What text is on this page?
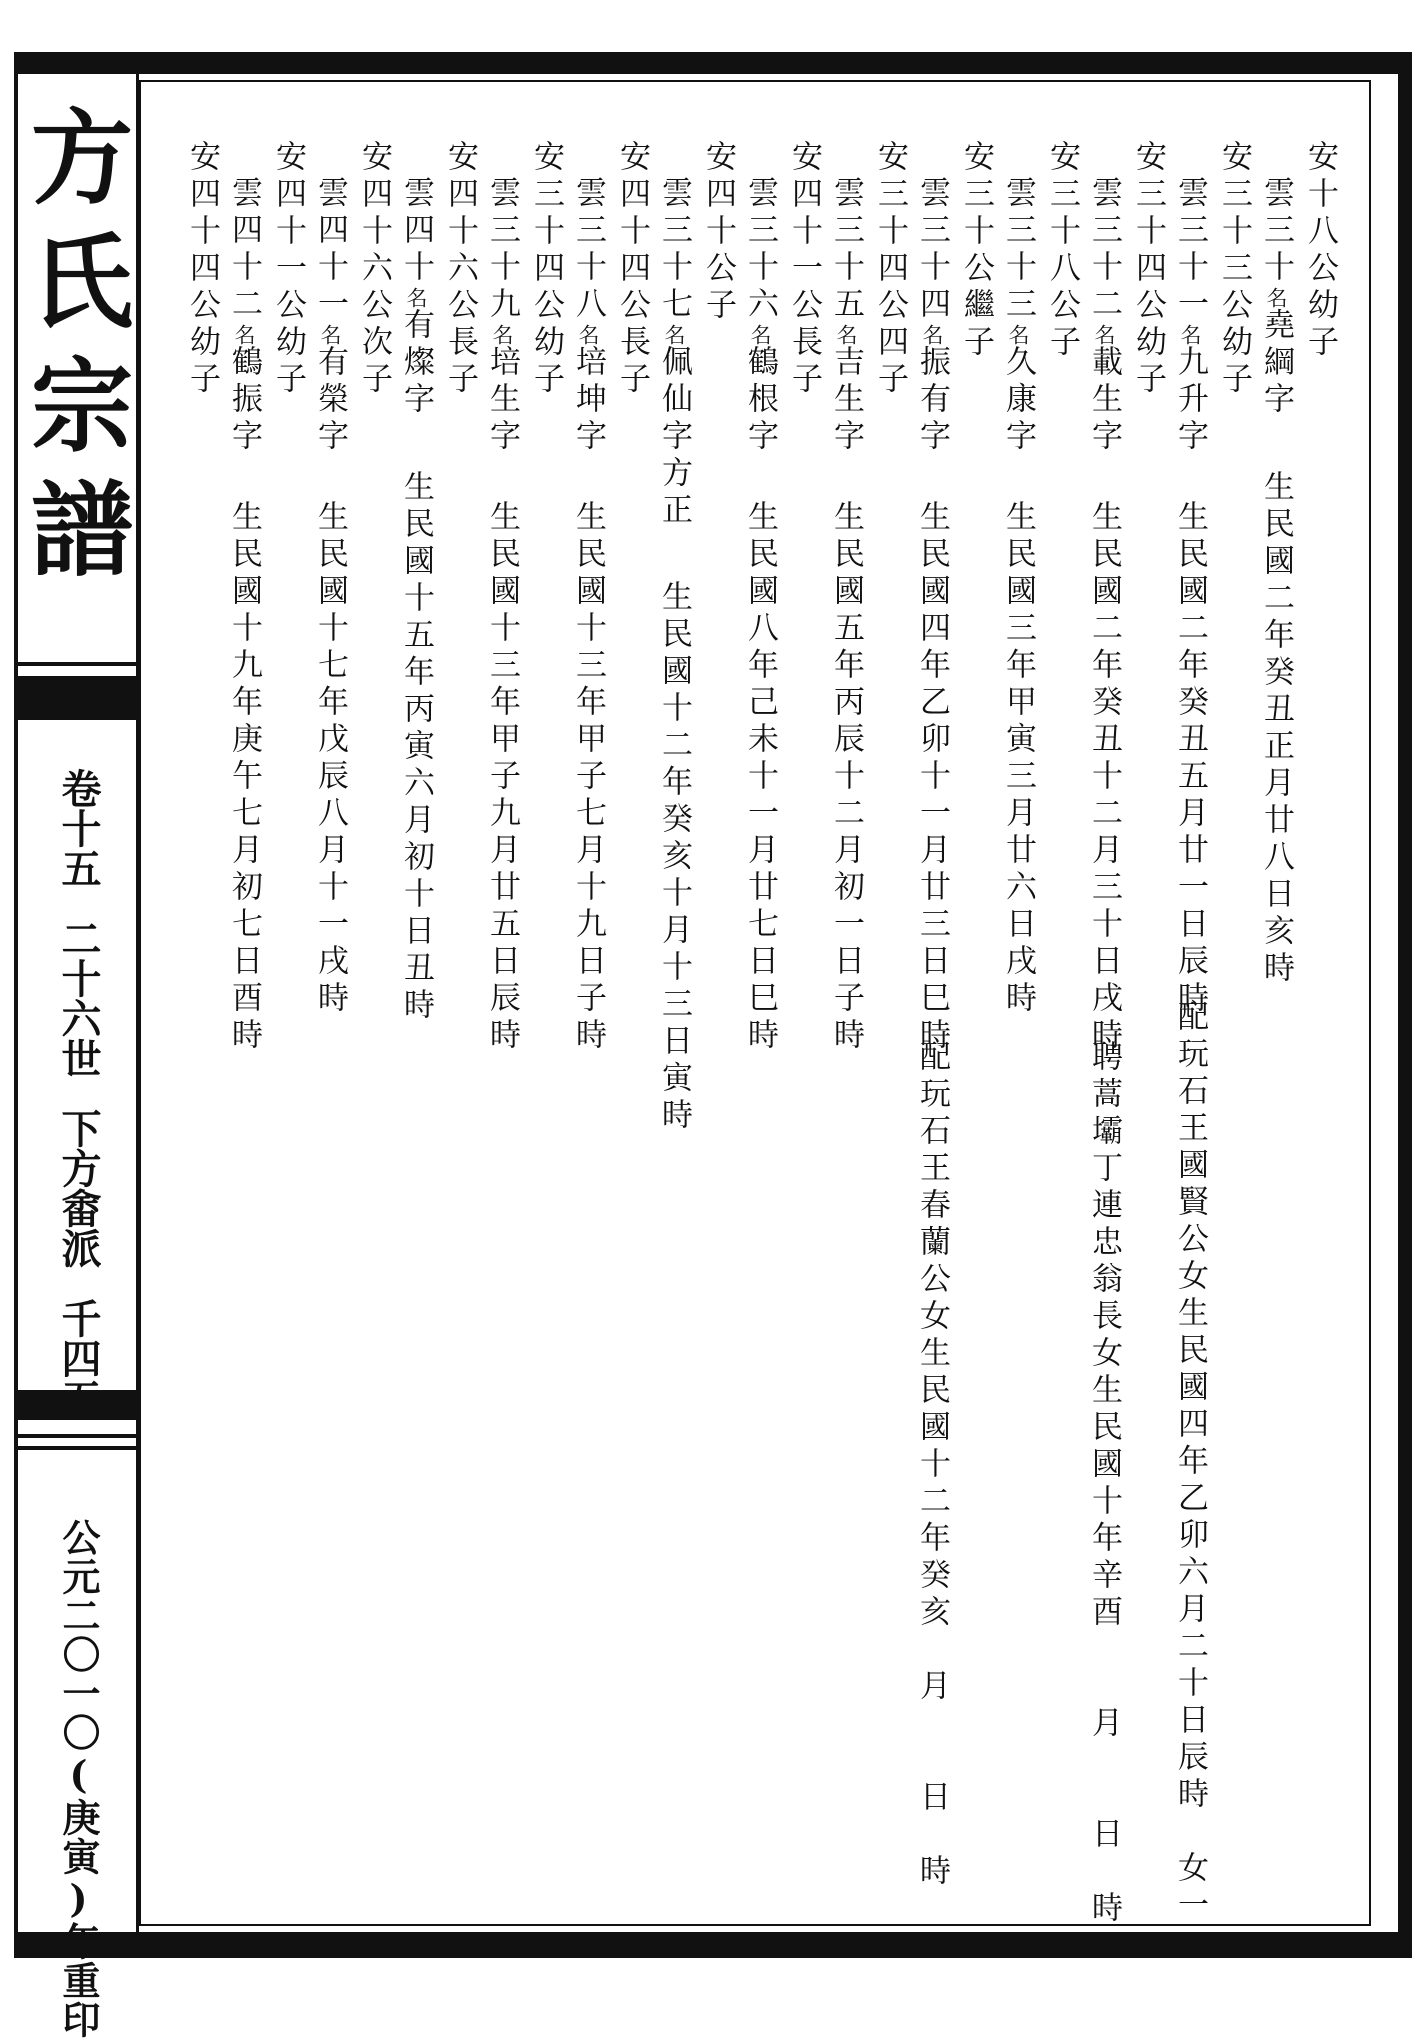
方氏宗譜
卷十五二十六世下方畬派千四五
公元二〇一〇(庚寅)年重印
安十八公幼子
雲三十名堯綱字
生民國二年癸丑正月廿八日亥時
安三十三公幼子
雲三十一名九升字
生民國二年癸丑五月廿一日辰時
配玩石王國賢公女生民國四年乙卯六月二十日辰時　女一
安三十四公幼子
雲三十二名載生字
生民國二年癸丑十二月三十日戌時
聘蒿壩丁連忠翁長女生民國十年辛酉　　月　　日　時
安三十八公子
雲三十三名久康字
生民國三年甲寅三月廿六日戌時
安三十公繼子
雲三十四名振有字
生民國四年乙卯十一月廿三日巳時
配玩石王春蘭公女生民國十二年癸亥　月　　日　時
安三十四公四子
雲三十五名吉生字
生民國五年丙辰十二月初一日子時
安四十一公長子
雲三十六名鶴根字
生民國八年己未十一月廿七日巳時
安四十公子
雲三十七名佩仙字方正
生民國十二年癸亥十月十三日寅時
安四十四公長子
雲三十八名培坤字
生民國十三年甲子七月十九日子時
安三十四公幼子
雲三十九名培生字
生民國十三年甲子九月廿五日辰時
安四十六公長子
雲四十名有燦字
生民國十五年丙寅六月初十日丑時
安四十六公次子
雲四十一名有榮字
生民國十七年戊辰八月十一戌時
安四十一公幼子
雲四十二名鶴振字
生民國十九年庚午七月初七日酉時
安四十四公幼子
